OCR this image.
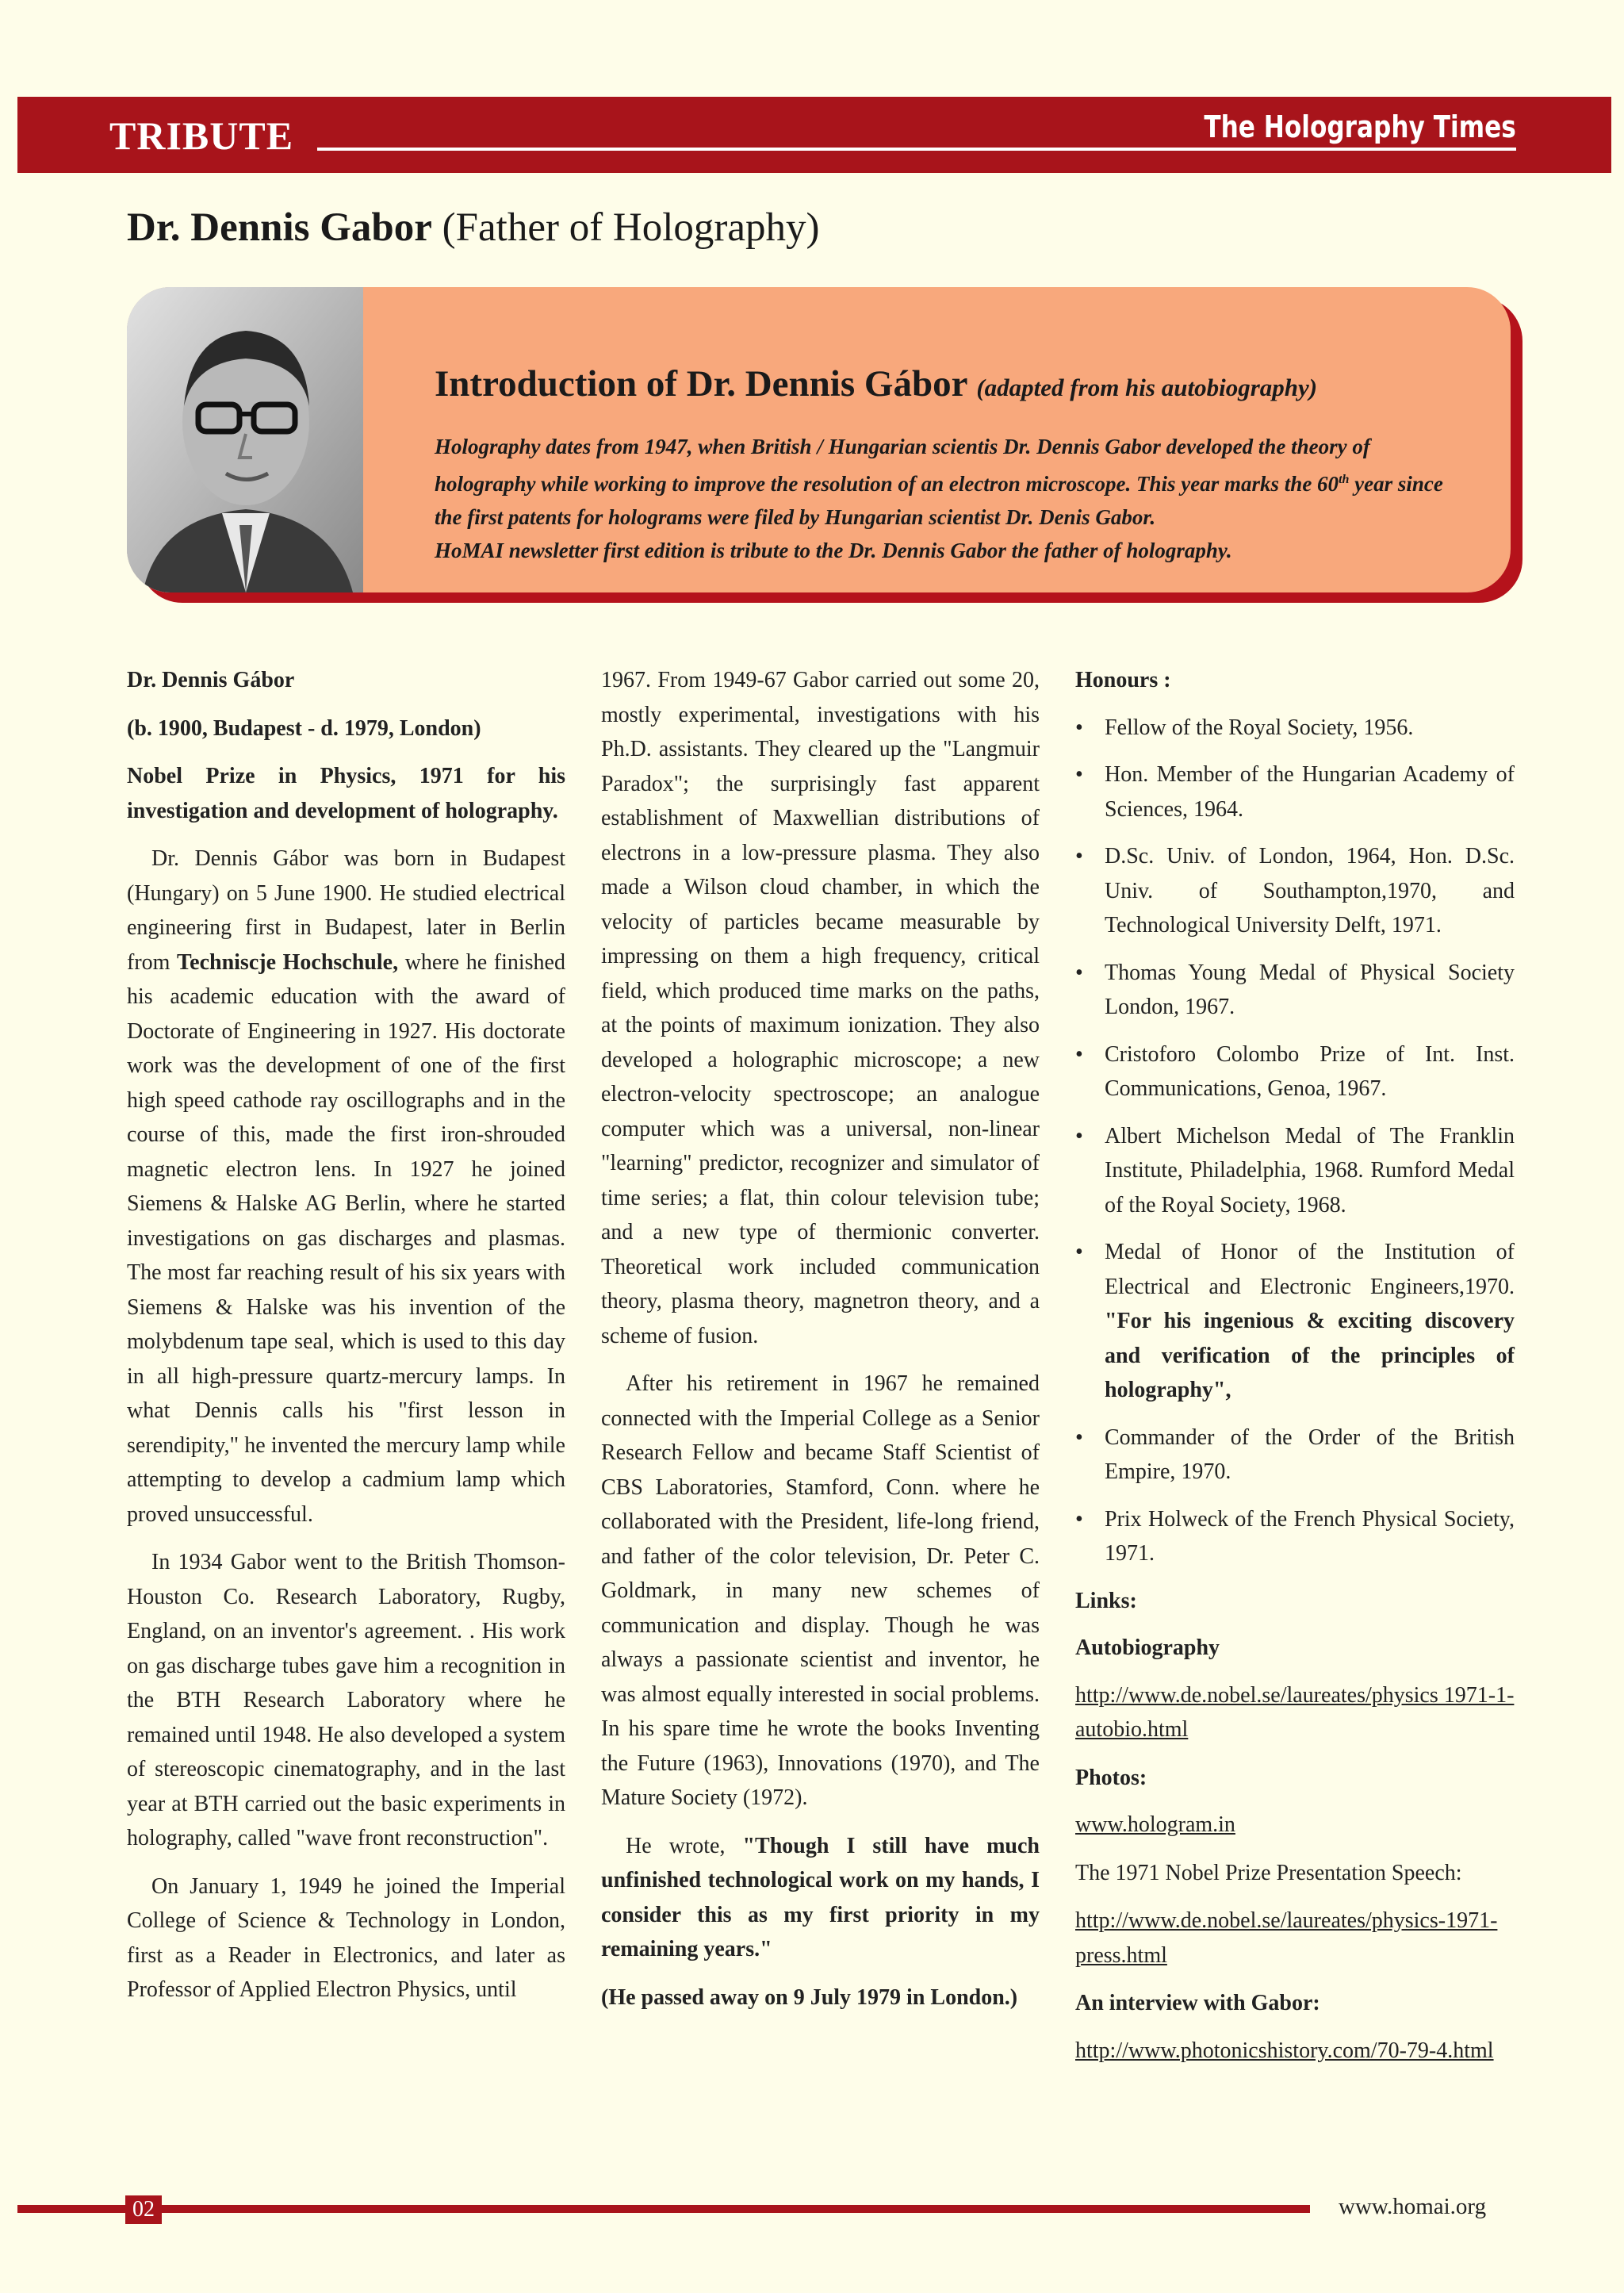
TRIBUTE	The Holography Times
Dr. Dennis Gabor (Father of Holography)
Introduction of Dr. Dennis Gábor (adapted from his autobiography)
Holography dates from 1947, when British / Hungarian scientis Dr. Dennis Gabor developed the theory of holography while working to improve the resolution of an electron microscope. This year marks the 60th year since the first patents for holograms were filed by Hungarian scientist Dr. Denis Gabor.
HoMAI newsletter first edition is tribute to the Dr. Dennis Gabor the father of holography.

Dr. Dennis Gábor

(b. 1900, Budapest - d. 1979, London)

Nobel Prize in Physics, 1971 for his investigation and development of holography.

Dr. Dennis Gábor was born in Budapest (Hungary) on 5 June 1900. He studied electrical engineering first in Budapest, later in Berlin from Techniscje Hochschule, where he finished his academic education with the award of Doctorate of Engineering in 1927. His doctorate work was the development of one of the first high speed cathode ray oscillographs and in the course of this, made the first iron-shrouded magnetic electron lens. In 1927 he joined Siemens & Halske AG Berlin, where he started investigations on gas discharges and plasmas. The most far reaching result of his six years with Siemens & Halske was his invention of the molybdenum tape seal, which is used to this day in all high-pressure quartz-mercury lamps. In what Dennis calls his "first lesson in serendipity," he invented the mercury lamp while attempting to develop a cadmium lamp which proved unsuccessful.

In 1934 Gabor went to the British Thomson-Houston Co. Research Laboratory, Rugby, England, on an inventor's agreement. . His work on gas discharge tubes gave him a recognition in the BTH Research Laboratory where he remained until 1948. He also developed a system of stereoscopic cinematography, and in the last year at BTH carried out the basic experiments in holography, called "wave front reconstruction".

On January 1, 1949 he joined the Imperial College of Science & Technology in London, first as a Reader in Electronics, and later as Professor of Applied Electron Physics, until

1967. From 1949-67 Gabor carried out some 20, mostly experimental, investigations with his Ph.D. assistants. They cleared up the "Langmuir Paradox"; the surprisingly fast apparent establishment of Maxwellian distributions of electrons in a low-pressure plasma. They also made a Wilson cloud chamber, in which the velocity of particles became measurable by impressing on them a high frequency, critical field, which produced time marks on the paths, at the points of maximum ionization. They also developed a holographic microscope; a new electron-velocity spectroscope; an analogue computer which was a universal, non-linear "learning" predictor, recognizer and simulator of time series; a flat, thin colour television tube; and a new type of thermionic converter. Theoretical work included communication theory, plasma theory, magnetron theory, and a scheme of fusion.

After his retirement in 1967 he remained connected with the Imperial College as a Senior Research Fellow and became Staff Scientist of CBS Laboratories, Stamford, Conn. where he collaborated with the President, life-long friend, and father of the color television, Dr. Peter C. Goldmark, in many new schemes of communication and display. Though he was always a passionate scientist and inventor, he was almost equally interested in social problems. In his spare time he wrote the books Inventing the Future (1963), Innovations (1970), and The Mature Society (1972).

He wrote, "Though I still have much unfinished technological work on my hands, I consider this as my first priority in my remaining years."

(He passed away on 9 July 1979 in London.)

Honours :

• Fellow of the Royal Society, 1956.
• Hon. Member of the Hungarian Academy of Sciences, 1964.
• D.Sc. Univ. of London, 1964, Hon. D.Sc. Univ. of Southampton,1970, and Technological University Delft, 1971.
• Thomas Young Medal of Physical Society London, 1967.
• Cristoforo Colombo Prize of Int. Inst. Communications, Genoa, 1967.
• Albert Michelson Medal of The Franklin Institute, Philadelphia, 1968. Rumford Medal of the Royal Society, 1968.
• Medal of Honor of the Institution of Electrical and Electronic Engineers,1970. "For his ingenious & exciting discovery and verification of the principles of holography",
• Commander of the Order of the British Empire, 1970.
• Prix Holweck of the French Physical Society, 1971.

Links:

Autobiography

http://www.de.nobel.se/laureates/physics 1971-1-autobio.html

Photos:

www.hologram.in

The 1971 Nobel Prize Presentation Speech:

http://www.de.nobel.se/laureates/physics-1971-press.html

An interview with Gabor:

http://www.photonicshistory.com/70-79-4.html

02	www.homai.org
